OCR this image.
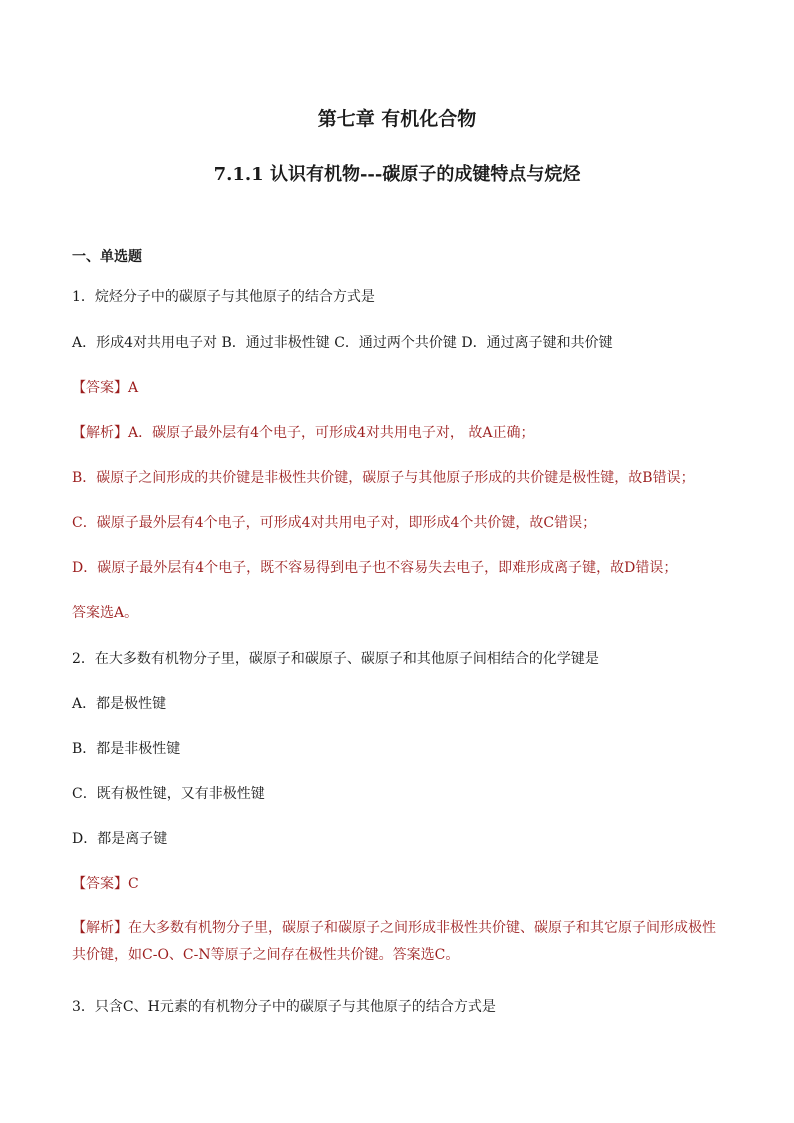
第七章 有机化合物
7.1.1 认识有机物---碳原子的成键特点与烷烃
一、单选题
1．烷烃分子中的碳原子与其他原子的结合方式是
A．形成4对共用电子对 B．通过非极性键 C．通过两个共价键 D．通过离子键和共价键
【答案】A
【解析】A．碳原子最外层有4个电子，可形成4对共用电子对， 故A正确；
B．碳原子之间形成的共价键是非极性共价键，碳原子与其他原子形成的共价键是极性键，故B错误；
C．碳原子最外层有4个电子，可形成4对共用电子对，即形成4个共价键，故C错误；
D．碳原子最外层有4个电子，既不容易得到电子也不容易失去电子，即难形成离子键，故D错误；
答案选A。
2．在大多数有机物分子里，碳原子和碳原子、碳原子和其他原子间相结合的化学键是
A．都是极性键
B．都是非极性键
C．既有极性键，又有非极性键
D．都是离子键
【答案】C
【解析】在大多数有机物分子里，碳原子和碳原子之间形成非极性共价键、碳原子和其它原子间形成极性共价键，如C-O、C-N等原子之间存在极性共价键。答案选C。
3．只含C、H元素的有机物分子中的碳原子与其他原子的结合方式是
